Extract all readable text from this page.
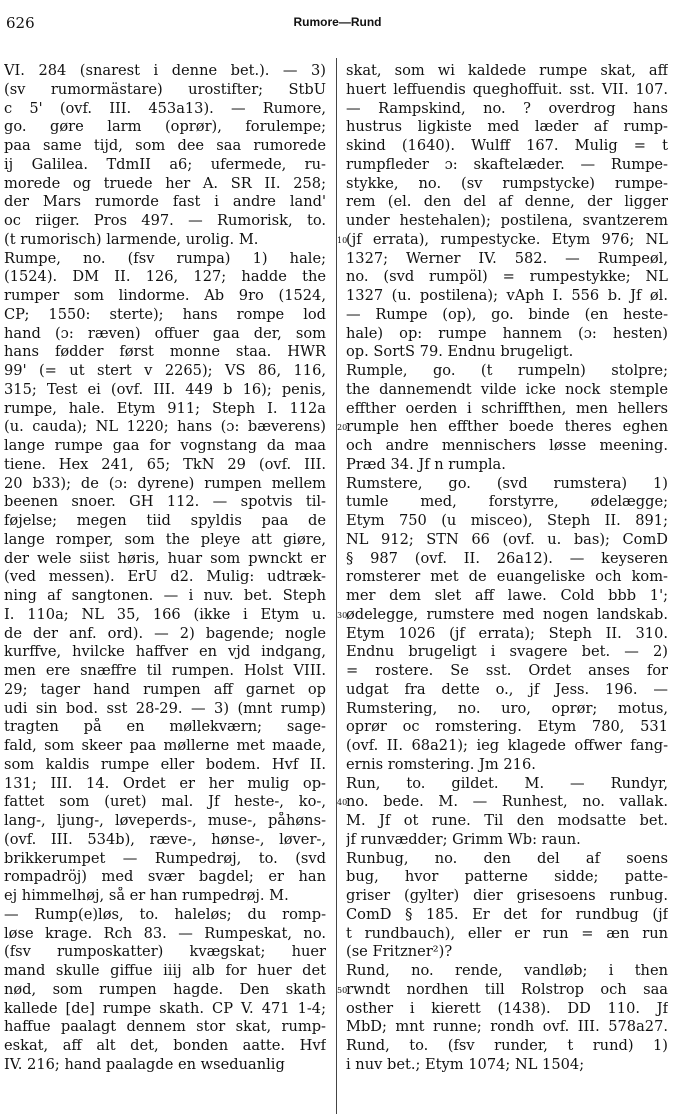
626	Rumore—Rund
VI. 284 (snarest i denne bet.). — 3)
(sv rumormästare) urostifter; StbU
c 5' (ovf. III. 453a13). — Rumore,
go. gøre larm (oprør), forulempe;
paa same tijd, som dee saa rumorede
ij Galilea. TdmII a6; ufermede, ru-
morede og truede her A. SR II. 258;
der Mars rumorde fast i andre land'
oc riiger. Pros 497. — Rumorisk, to.
(t rumorisch) larmende, urolig. M.
Rumpe, no. (fsv rumpa) 1) hale;
(1524). DM II. 126, 127; hadde the
rumper som lindorme. Ab 9ro (1524,
CP; 1550: sterte); hans rompe lod
hand (ɔ: ræven) offuer gaa der, som
hans fødder først monne staa. HWR
99' (= ut stert v 2265); VS 86, 116,
315; Test ei (ovf. III. 449 b 16); penis,
rumpe, hale. Etym 911; Steph I. 112a
(u. cauda); NL 1220; hans (ɔ: bæverens)
lange rumpe gaa for vognstang da maa
tiene. Hex 241, 65; TkN 29 (ovf. III.
20 b33); de (ɔ: dyrene) rumpen mellem
beenen snoer. GH 112. — spotvis til-
føjelse; megen tiid spyldis paa de
lange romper, som the pleye att giøre,
der wele siist høris, huar som pwnckt er
(ved messen). ErU d2. Mulig: udtræk-
ning af sangtonen. — i nuv. bet. Steph
I. 110a; NL 35, 166 (ikke i Etym u.
de der anf. ord). — 2) bagende; nogle
kurffve, hvilcke haffver en vjd indgang,
men ere snæffre til rumpen. Holst VIII.
29; tager hand rumpen aff garnet op
udi sin bod. sst 28-29. — 3) (mnt rump)
tragten på en møllekværn; sage-
fald, som skeer paa møllerne met maade,
som kaldis rumpe eller bodem. Hvf II.
131; III. 14. Ordet er her mulig op-
fattet som (uret) mal. Jf heste-, ko-,
lang-, ljung-, løveperds-, muse-, påhøns-
(ovf. III. 534b), ræve-, hønse-, løver-,
brikkerumpet — Rumpedrøj, to. (svd
rompadröj) med svær bagdel; er han
ej himmelhøj, så er han rumpedrøj. M.
— Rump(e)løs, to. haleløs; du romp-
løse krage. Rch 83. — Rumpeskat, no.
(fsv rumposkatter) kvægskat; huer
mand skulle giffue iiij alb for huer det
nød, som rumpen hagde. Den skath
kallede [de] rumpe skath. CP V. 471 1-4;
haffue paalagt dennem stor skat, rump-
eskat, aff alt det, bonden aatte. Hvf
IV. 216; hand paalagde en wseduanlig
skat, som wi kaldede rumpe skat, aff
huert leffuendis queghoffuit. sst. VII. 107.
— Rampskind, no. ? overdrog hans
hustrus ligkiste med læder af rump-
skind (1640). Wulff 167. Mulig = t
rumpfleder ɔ: skaftelæder. — Rumpe-
stykke, no. (sv rumpstycke) rumpe-
rem (el. den del af denne, der ligger
under hestehalen); postilena, svantzerem
(jf errata), rumpestycke. Etym 976; NL
1327; Werner IV. 582. — Rumpeøl,
no. (svd rumpöl) = rumpestykke; NL
1327 (u. postilena); vAph I. 556 b. Jf øl.
— Rumpe (op), go. binde (en heste-
hale) op: rumpe hannem (ɔ: hesten)
op. SortS 79. Endnu brugeligt.
Rumple, go. (t rumpeln) stolpre;
the dannemendt vilde icke nock stemple
effther oerden i schriffthen, men hellers
rumple hen effther boede theres eghen
och andre mennischers løsse meening.
Præd 34. Jf n rumpla.
Rumstere, go. (svd rumstera) 1)
tumle med, forstyrre, ødelægge;
Etym 750 (u misceo), Steph II. 891;
NL 912; STN 66 (ovf. u. bas); ComD
§ 987 (ovf. II. 26a12). — keyseren
romsterer met de euangeliske och kom-
mer dem slet aff lawe. Cold bbb 1';
ødelegge, rumstere med nogen landskab.
Etym 1026 (jf errata); Steph II. 310.
Endnu brugeligt i svagere bet. — 2)
= rostere. Se sst. Ordet anses for
udgat fra dette o., jf Jess. 196. —
Rumstering, no. uro, oprør; motus,
oprør oc romstering. Etym 780, 531
(ovf. II. 68a21); ieg klagede offwer fang-
ernis romstering. Jm 216.
Run, to. gildet. M. — Rundyr,
no. bede. M. — Runhest, no. vallak.
M. Jf ot rune. Til den modsatte bet.
jf runvædder; Grimm Wb: raun.
Runbug, no. den del af soens
bug, hvor patterne sidde; patte-
griser (gylter) dier grisesoens runbug.
ComD § 185. Er det for rundbug (jf
t rundbauch), eller er run = æn run
(se Fritzner²)?
Rund, no. rende, vandløb; i then
rwndt nordhen till Rolstrop och saa
osther i kierett (1438). DD 110. Jf
MbD; mnt runne; rondh ovf. III. 578a27.
Rund, to. (fsv runder, t rund) 1)
i nuv bet.; Etym 1074; NL 1504;
10
20
30
40
50
